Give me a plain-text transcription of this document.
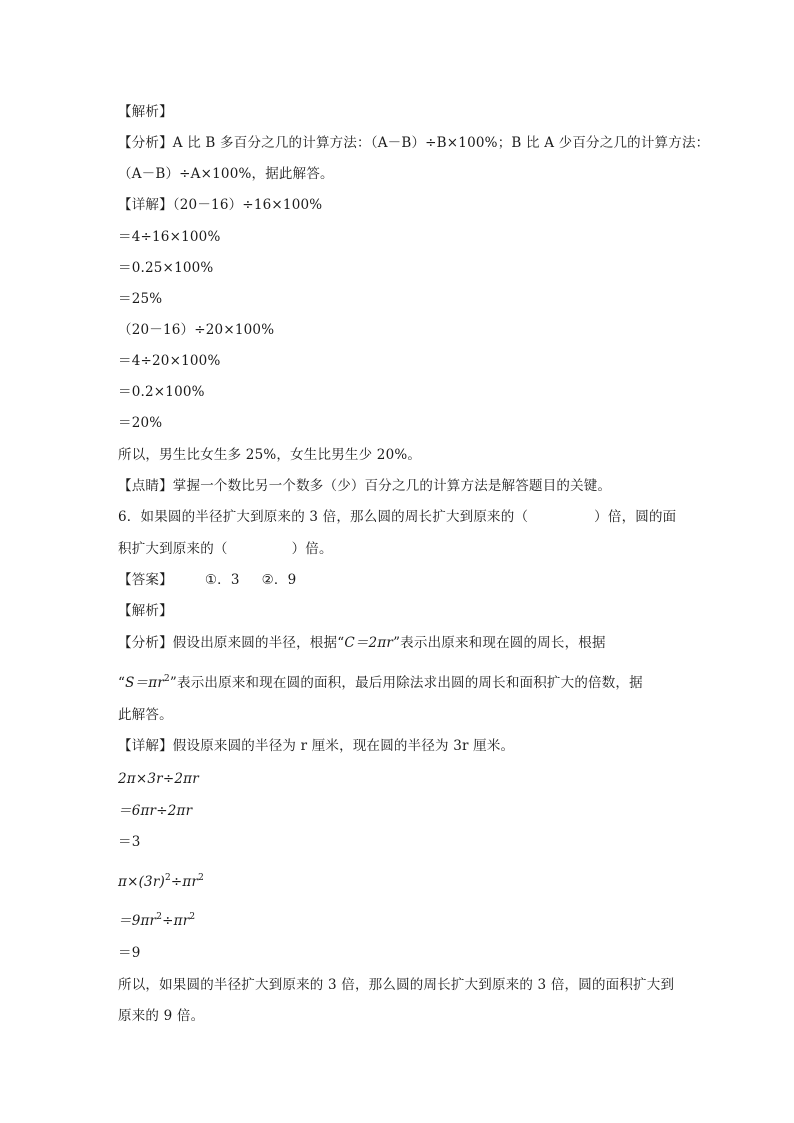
【解析】
【分析】A 比 B 多百分之几的计算方法：（A－B）÷B×100%；B 比 A 少百分之几的计算方法：
（A－B）÷A×100%，据此解答。
【详解】（20－16）÷16×100%
＝4÷16×100%
＝0.25×100%
＝25%
（20－16）÷20×100%
＝4÷20×100%
＝0.2×100%
＝20%
所以，男生比女生多 25%，女生比男生少 20%。
【点睛】掌握一个数比另一个数多（少）百分之几的计算方法是解答题目的关键。
6．如果圆的半径扩大到原来的 3 倍，那么圆的周长扩大到原来的（	）倍，圆的面
积扩大到原来的（	）倍。
【答案】 ①．3 ②．9
【解析】
【分析】假设出原来圆的半径，根据“C＝2πr”表示出原来和现在圆的周长，根据
“$S=\pi r^2$”表示出原来和现在圆的面积，最后用除法求出圆的周长和面积扩大的倍数，据
此解答。
【详解】假设原来圆的半径为 r 厘米，现在圆的半径为 3r 厘米。
2π×3r÷2πr
＝6πr÷2πr
＝3
$\pi\times(3r)^2\div\pi r^2$
$=9\pi r^2\div\pi r^2$
＝9
所以，如果圆的半径扩大到原来的 3 倍，那么圆的周长扩大到原来的 3 倍，圆的面积扩大到
原来的 9 倍。
